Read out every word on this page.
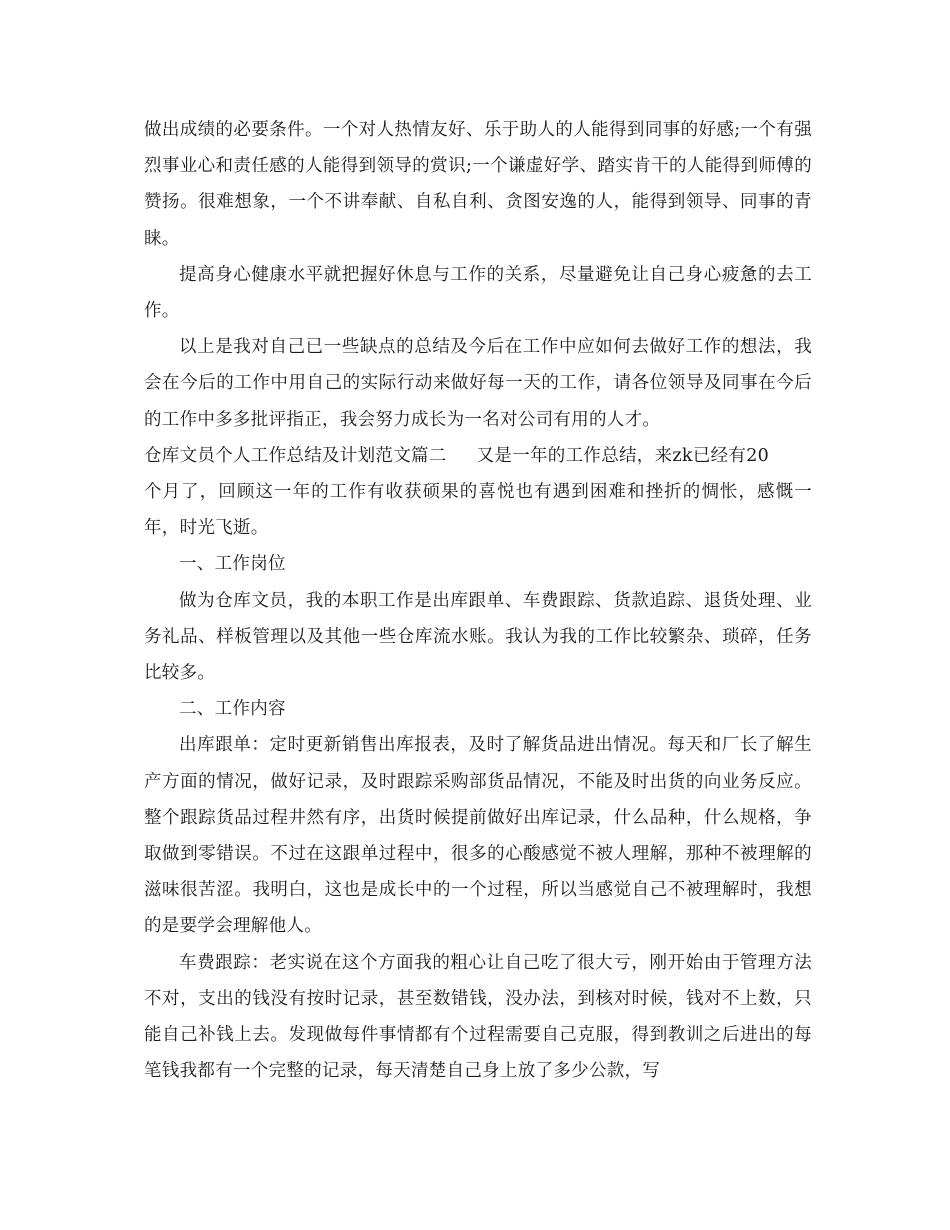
做出成绩的必要条件。一个对人热情友好、乐于助人的人能得到同事的好感;一个有强烈事业心和责任感的人能得到领导的赏识;一个谦虚好学、踏实肯干的人能得到师傅的赞扬。很难想象，一个不讲奉献、自私自利、贪图安逸的人，能得到领导、同事的青睐。

提高身心健康水平就把握好休息与工作的关系，尽量避免让自己身心疲惫的去工作。

以上是我对自己已一些缺点的总结及今后在工作中应如何去做好工作的想法，我会在今后的工作中用自己的实际行动来做好每一天的工作，请各位领导及同事在今后的工作中多多批评指正，我会努力成长为一名对公司有用的人才。

仓库文员个人工作总结及计划范文篇二 又是一年的工作总结，来zk已经有20

个月了，回顾这一年的工作有收获硕果的喜悦也有遇到困难和挫折的惆怅，感慨一年，时光飞逝。

一、工作岗位

做为仓库文员，我的本职工作是出库跟单、车费跟踪、货款追踪、退货处理、业务礼品、样板管理以及其他一些仓库流水账。我认为我的工作比较繁杂、琐碎，任务比较多。

二、工作内容

出库跟单：定时更新销售出库报表，及时了解货品进出情况。每天和厂长了解生产方面的情况，做好记录，及时跟踪采购部货品情况，不能及时出货的向业务反应。整个跟踪货品过程井然有序，出货时候提前做好出库记录，什么品种，什么规格，争取做到零错误。不过在这跟单过程中，很多的心酸感觉不被人理解，那种不被理解的滋味很苦涩。我明白，这也是成长中的一个过程，所以当感觉自己不被理解时，我想的是要学会理解他人。

车费跟踪：老实说在这个方面我的粗心让自己吃了很大亏，刚开始由于管理方法不对，支出的钱没有按时记录，甚至数错钱，没办法，到核对时候，钱对不上数，只能自己补钱上去。发现做每件事情都有个过程需要自己克服，得到教训之后进出的每笔钱我都有一个完整的记录，每天清楚自己身上放了多少公款，写
